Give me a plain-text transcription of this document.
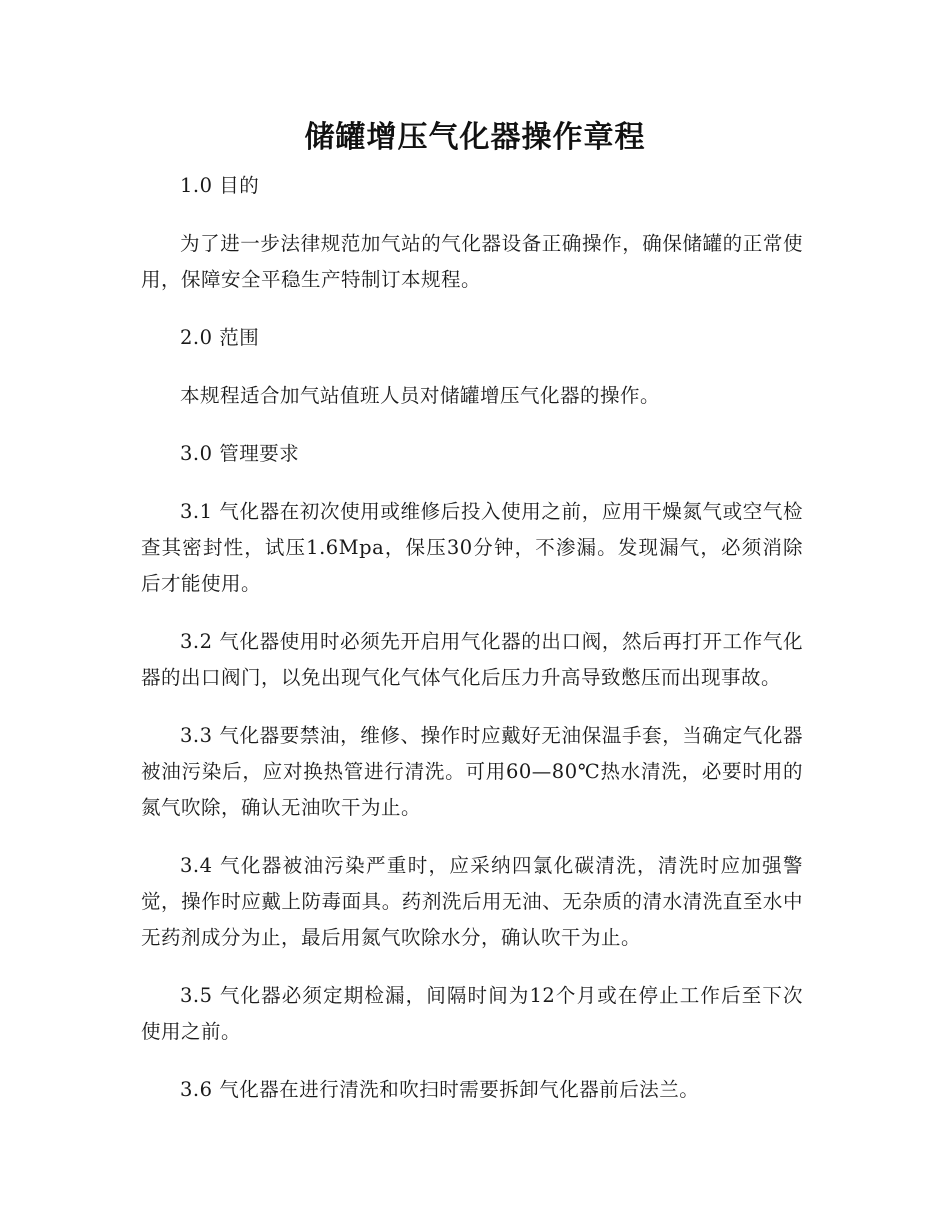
储罐增压气化器操作章程

1.0 目的

为了进一步法律规范加气站的气化器设备正确操作，确保储罐的正常使用，保障安全平稳生产特制订本规程。

2.0 范围

本规程适合加气站值班人员对储罐增压气化器的操作。

3.0 管理要求

3.1 气化器在初次使用或维修后投入使用之前，应用干燥氮气或空气检查其密封性，试压1.6Mpa，保压30分钟，不渗漏。发现漏气，必须消除后才能使用。

3.2 气化器使用时必须先开启用气化器的出口阀，然后再打开工作气化器的出口阀门，以免出现气化气体气化后压力升高导致憋压而出现事故。

3.3 气化器要禁油，维修、操作时应戴好无油保温手套，当确定气化器被油污染后，应对换热管进行清洗。可用60—80℃热水清洗，必要时用的氮气吹除，确认无油吹干为止。

3.4 气化器被油污染严重时，应采纳四氯化碳清洗，清洗时应加强警觉，操作时应戴上防毒面具。药剂洗后用无油、无杂质的清水清洗直至水中无药剂成分为止，最后用氮气吹除水分，确认吹干为止。

3.5 气化器必须定期检漏，间隔时间为12个月或在停止工作后至下次使用之前。

3.6 气化器在进行清洗和吹扫时需要拆卸气化器前后法兰。
